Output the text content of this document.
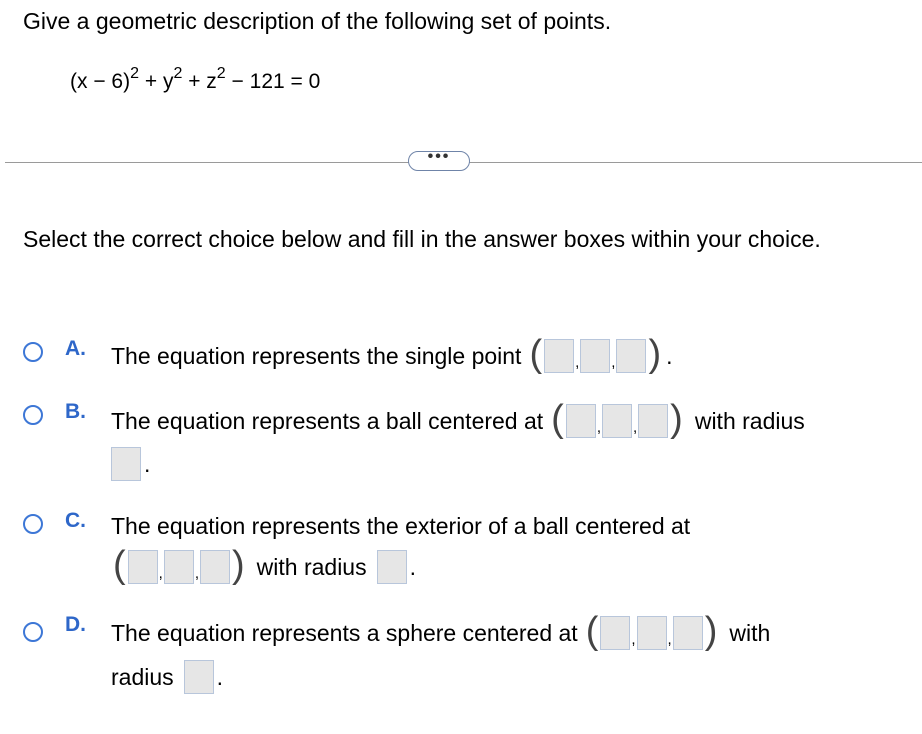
Give a geometric description of the following set of points.
$(x - 6)^2 + y^2 + z^2 - 121 = 0$
•••
Select the correct choice below and fill in the answer boxes within your choice.
A. The equation represents the single point ( , , ) .
B. The equation represents a ball centered at ( , , ) with radius
.
C. The equation represents the exterior of a ball centered at
( , , ) with radius .
D. The equation represents a sphere centered at ( , , ) with
radius .
